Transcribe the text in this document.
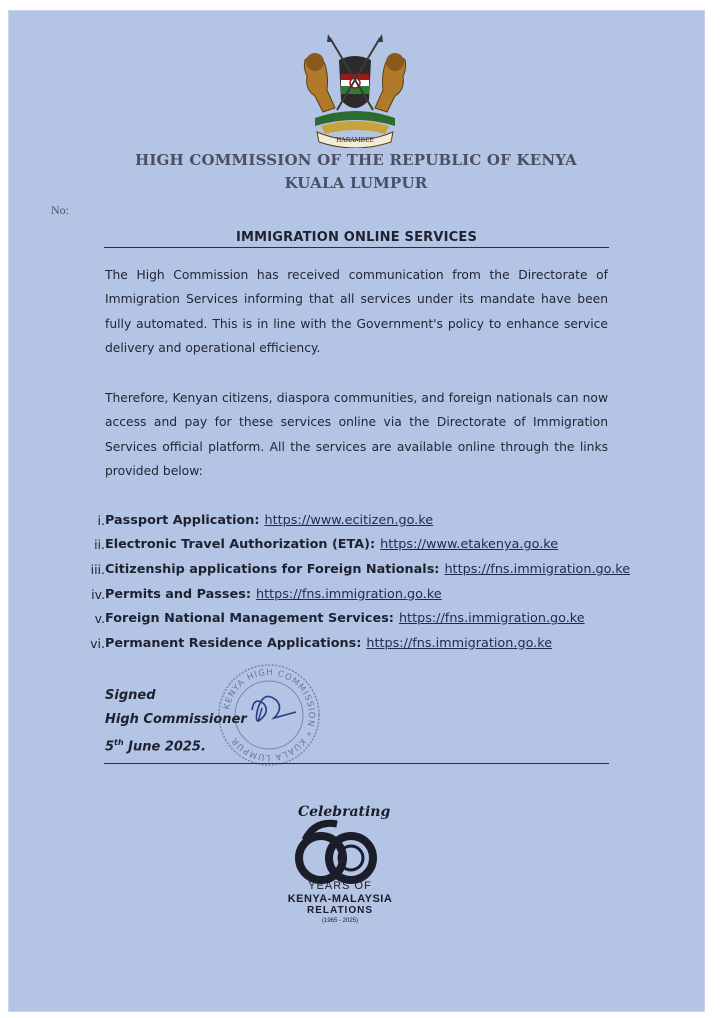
HARAMBEE
HIGH COMMISSION OF THE REPUBLIC OF KENYA
KUALA LUMPUR
No:
IMMIGRATION ONLINE SERVICES

The High Commission has received communication from the Directorate of Immigration Services informing that all services under its mandate have been fully automated. This is in line with the Government's policy to enhance service delivery and operational efficiency.

Therefore, Kenyan citizens, diaspora communities, and foreign nationals can now access and pay for these services online via the Directorate of Immigration Services official platform. All the services are available online through the links provided below:

i. Passport Application: https://www.ecitizen.go.ke
ii. Electronic Travel Authorization (ETA): https://www.etakenya.go.ke
iii. Citizenship applications for Foreign Nationals: https://fns.immigration.go.ke
iv. Permits and Passes: https://fns.immigration.go.ke
v. Foreign National Management Services: https://fns.immigration.go.ke
vi. Permanent Residence Applications: https://fns.immigration.go.ke
KENYA HIGH COMMISSION * KUALA LUMPUR
Signed
High Commissioner
5th June 2025.
Celebrating
60
YEARS OF
KENYA-MALAYSIA
RELATIONS
(1965 - 2025)
